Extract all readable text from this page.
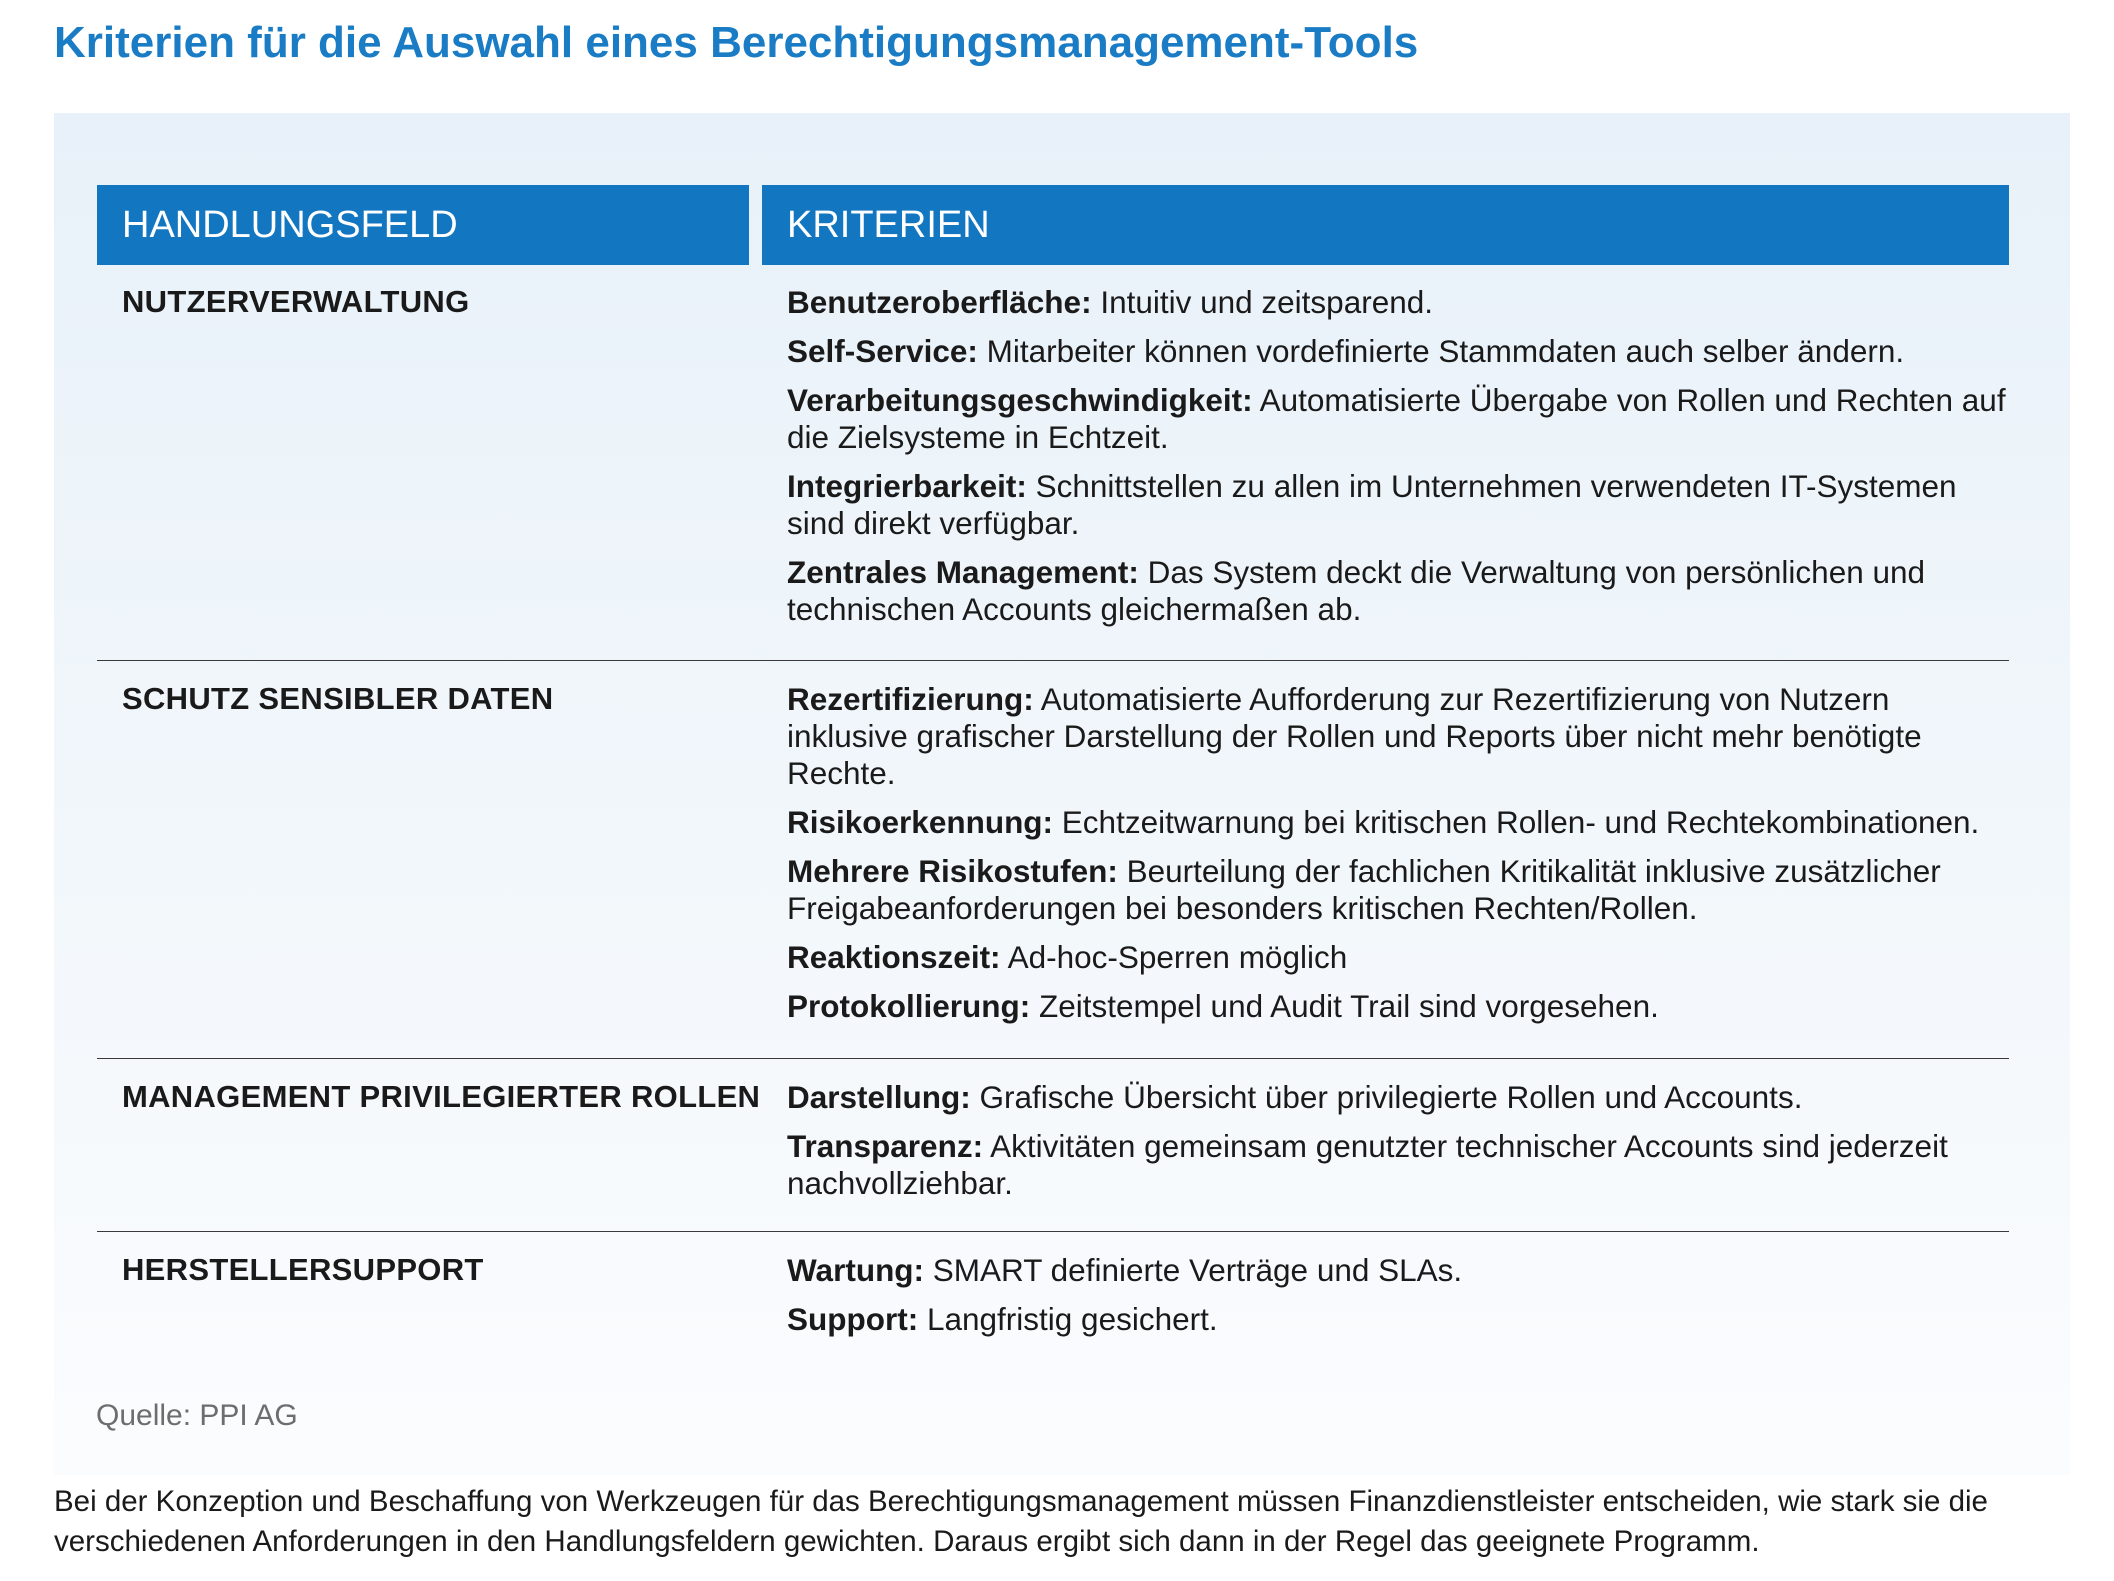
Kriterien für die Auswahl eines Berechtigungsmanagement-Tools
HANDLUNGSFELD	KRITERIEN
NUTZERVERWALTUNG	Benutzeroberfläche: Intuitiv und zeitsparend.
Self-Service: Mitarbeiter können vordefinierte Stammdaten auch selber ändern.
Verarbeitungsgeschwindigkeit: Automatisierte Übergabe von Rollen und Rechten auf die Zielsysteme in Echtzeit.
Integrierbarkeit: Schnittstellen zu allen im Unternehmen verwendeten IT-Systemen sind direkt verfügbar.
Zentrales Management: Das System deckt die Verwaltung von persönlichen und technischen Accounts gleichermaßen ab.
SCHUTZ SENSIBLER DATEN	Rezertifizierung: Automatisierte Aufforderung zur Rezertifizierung von Nutzern inklusive grafischer Darstellung der Rollen und Reports über nicht mehr benötigte Rechte.
Risikoerkennung: Echtzeitwarnung bei kritischen Rollen- und Rechtekombinationen.
Mehrere Risikostufen: Beurteilung der fachlichen Kritikalität inklusive zusätzlicher Freigabeanforderungen bei besonders kritischen Rechten/Rollen.
Reaktionszeit: Ad-hoc-Sperren möglich
Protokollierung: Zeitstempel und Audit Trail sind vorgesehen.
MANAGEMENT PRIVILEGIERTER ROLLEN Darstellung: Grafische Übersicht über privilegierte Rollen und Accounts.
Transparenz: Aktivitäten gemeinsam genutzter technischer Accounts sind jederzeit nachvollziehbar.
HERSTELLERSUPPORT	Wartung: SMART definierte Verträge und SLAs.
Support: Langfristig gesichert.
Quelle: PPI AG
Bei der Konzeption und Beschaffung von Werkzeugen für das Berechtigungsmanagement müssen Finanzdienstleister entscheiden, wie stark sie die verschiedenen Anforderungen in den Handlungsfeldern gewichten. Daraus ergibt sich dann in der Regel das geeignete Programm.
